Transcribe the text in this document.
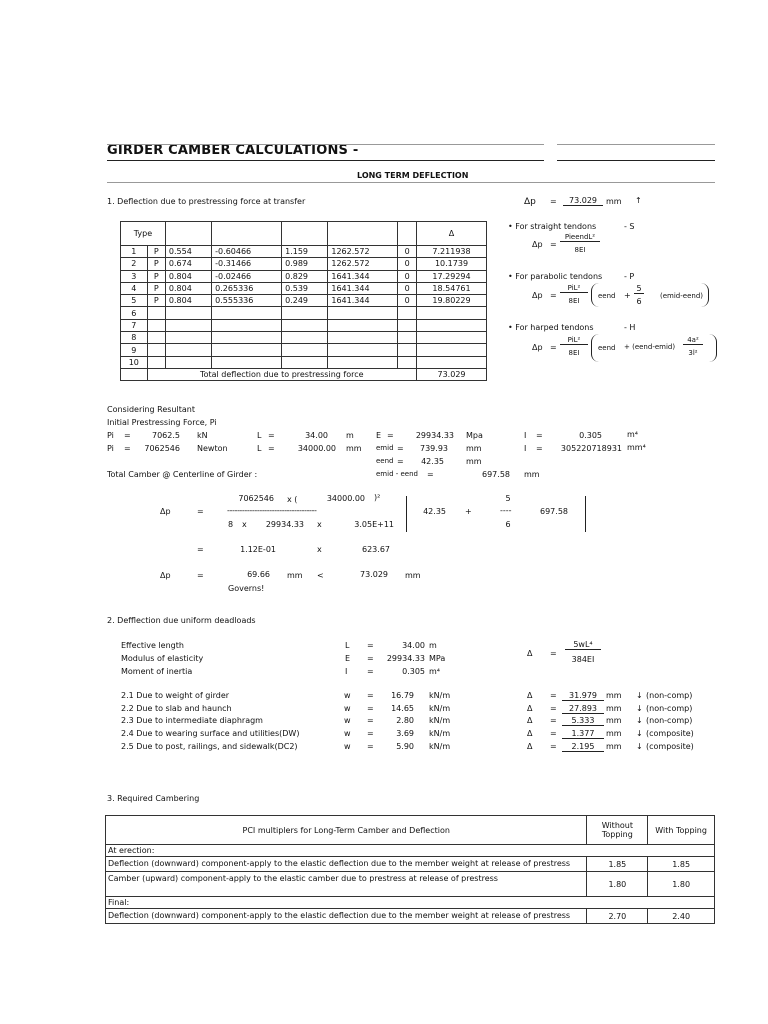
GIRDER CAMBER CALCULATIONS -
LONG TERM DEFLECTION
1. Deflection due to prestressing force at transfer	Δp =	73.029	mm ↑
Type							Δ
1	P	0.554	-0.60466	1.159	1262.572	0	7.211938
2	P	0.674	-0.31466	0.989	1262.572	0	10.1739
3	P	0.804	-0.02466	0.829	1641.344	0	17.29294
4	P	0.804	0.265336	0.539	1641.344	0	18.54761
5	P	0.804	0.555336	0.249	1641.344	0	19.80229
6							
7							
8							
9							
10							
	Total deflection due to prestressing force						73.029
• For straight tendons	- S
Δp =
PieendL²
8EI
• For parabolic tendons	- P
Δp =
PiL²
8EI
eend +
5
6
(emid-eend)
• For harped tendons	- H
Δp =
PiL²
8EI
eend + (eend-emid)
4a²
3l²
Considering Resultant
Initial Prestressing Force, Pi
Pi =	7062.5 kN	L =	34.00 m	E =	29934.33 Mpa	I =	0.305	m⁴
Pi =	7062546 Newton	L =	34000.00 mm emid =	739.93 mm	I =	305220718931 mm⁴
eend =	42.35	mm
Total Camber @ Centerline of Girder :	emid - eend =	697.58 mm
7062546 x (	34000.00 )²
Δp	=	------------------------------------
8 x	29934.33 x	3.05E+11
42.35 +
5
----
6
697.58
=	1.12E-01	x	623.67
Δp	=	69.66 mm <	73.029 mm
Governs!
2. Defflection due uniform deadloads
Effective length	L =	34.00 m
Modulus of elasticity	E =	29934.33 MPa
Moment of inertia	I =	0.305 m⁴
Δ =
5wL⁴
384EI
2.1 Due to weight of girder	w =	16.79 kN/m	Δ =	31.979	mm ↓ (non-comp)
2.2 Due to slab and haunch	w =	14.65 kN/m	Δ =	27.893	mm ↓ (non-comp)
2.3 Due to intermediate diaphragm	w =	2.80 kN/m	Δ =	5.333	mm ↓ (non-comp)
2.4 Due to wearing surface and utilities(DW)	w =	3.69 kN/m	Δ =	1.377	mm ↓ (composite)
2.5 Due to post, railings, and sidewalk(DC2)	w =	5.90 kN/m	Δ =	2.195	mm ↓ (composite)
3. Required Cambering
PCI multiplers for Long-Term Camber and Deflection	Without
Topping	With Topping
At erection:		
Deflection (downward) component-apply to the elastic deflection due to the member weight at release of prestress	1.85	1.85
Camber (upward) component-apply to the elastic camber due to prestress at release of prestress	1.80	1.80
Final:		
Deflection (downward) component-apply to the elastic deflection due to the member weight at release of prestress	2.70	2.40
